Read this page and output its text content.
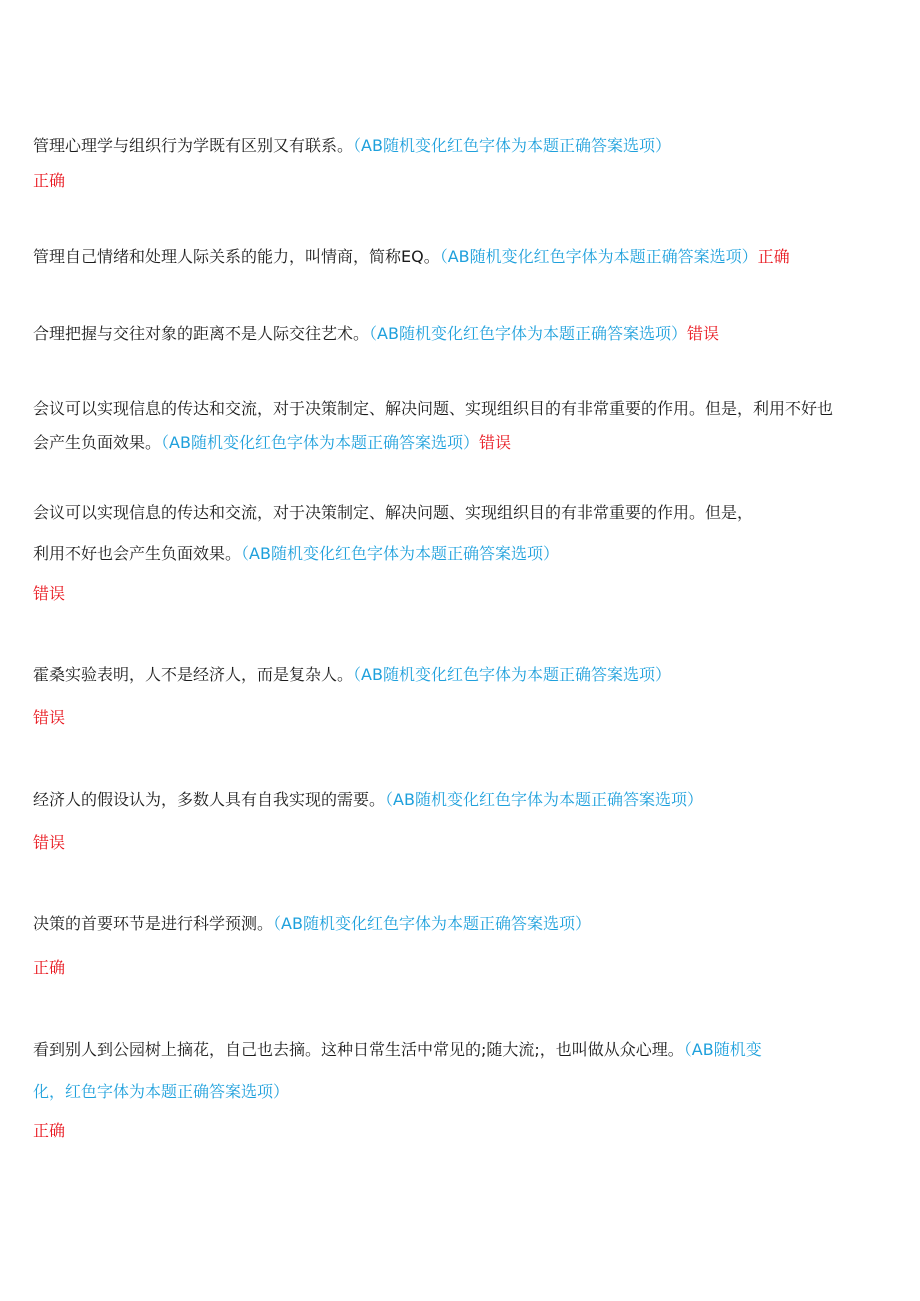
管理心理学与组织行为学既有区别又有联系。（AB随机变化红色字体为本题正确答案选项）
正确
管理自己情绪和处理人际关系的能力，叫情商，简称EQ。（AB随机变化红色字体为本题正确答案选项）正确
合理把握与交往对象的距离不是人际交往艺术。（AB随机变化红色字体为本题正确答案选项）错误
会议可以实现信息的传达和交流，对于决策制定、解决问题、实现组织目的有非常重要的作用。但是，利用不好也
会产生负面效果。（AB随机变化红色字体为本题正确答案选项）错误
会议可以实现信息的传达和交流，对于决策制定、解决问题、实现组织目的有非常重要的作用。但是，
利用不好也会产生负面效果。（AB随机变化红色字体为本题正确答案选项）
错误
霍桑实验表明，人不是经济人，而是复杂人。（AB随机变化红色字体为本题正确答案选项）
错误
经济人的假设认为，多数人具有自我实现的需要。（AB随机变化红色字体为本题正确答案选项）
错误
决策的首要环节是进行科学预测。（AB随机变化红色字体为本题正确答案选项）
正确
看到别人到公园树上摘花，自己也去摘。这种日常生活中常见的;随大流;，也叫做从众心理。（AB随机变
化，红色字体为本题正确答案选项）
正确
